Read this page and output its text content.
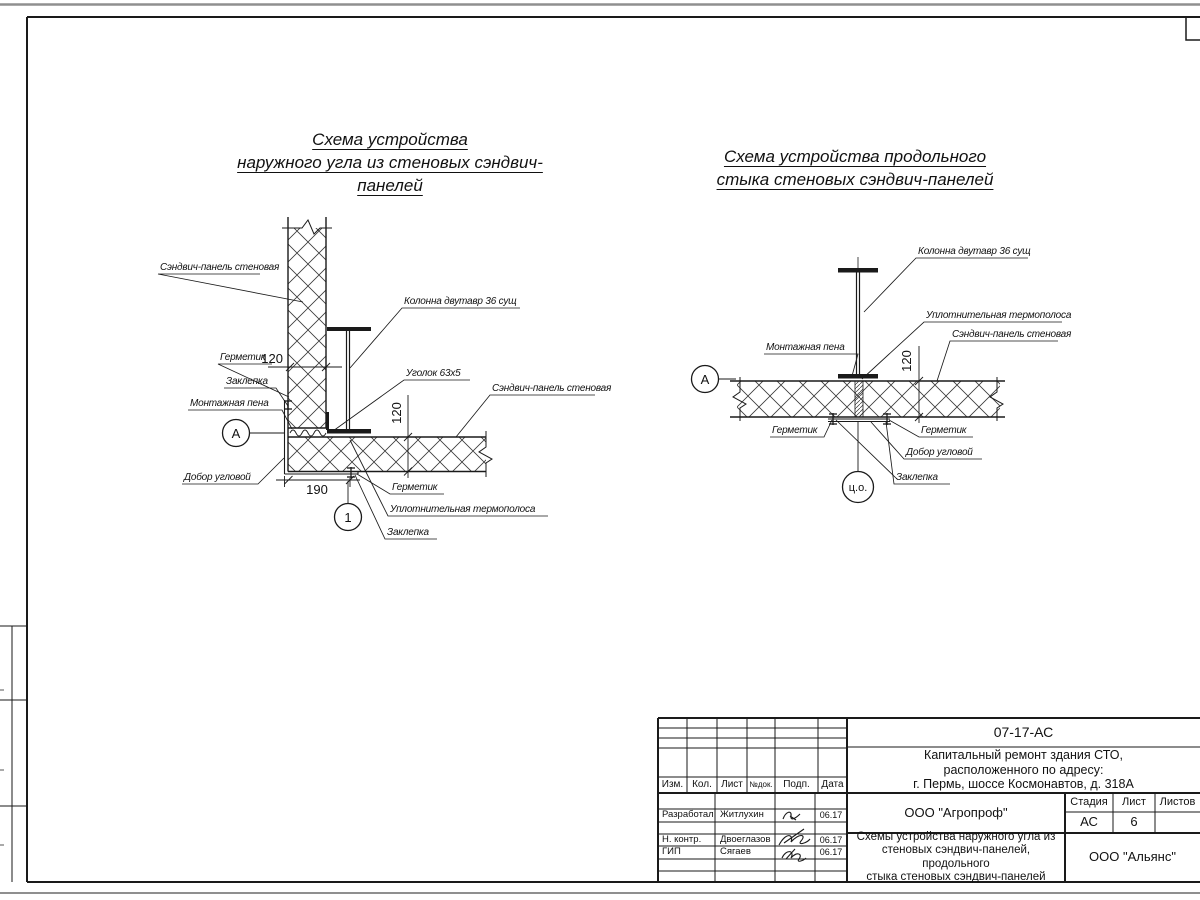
Схема устройства
наружного угла из стеновых сэндвич-панелей
Схема устройства продольного
стыка стеновых сэндвич-панелей
120
120
190
А
1
Сэндвич-панель стеновая
Колонна двутавр 36 сущ
Герметик
Заклепка
Монтажная пена
Уголок 63х5
Сэндвич-панель стеновая
Добор угловой
Герметик
Уплотнительная термополоса
Заклепка
120
А
ц.о.
Колонна двутавр 36 сущ
Уплотнительная термополоса
Сэндвич-панель стеновая
Монтажная пена
Герметик	Герметик
Добор угловой
Заклепка
Изм. Кол. Лист №док.	Подп.	Дата
07-17-АС
Капитальный ремонт здания СТО,
расположенного по адресу:
г. Пермь, шоссе Космонавтов, д. 318А
Разработал Житлухин	06.17
Н. контр.	Двоеглазов	06.17
ГИП	Сягаев	06.17
ООО "Агропроф"
Стадия	Лист	Листов
АС	6
Схемы устройства наружного угла из
стеновых сэндвич-панелей, продольного
стыка стеновых сэндвич-панелей
ООО "Альянс"
